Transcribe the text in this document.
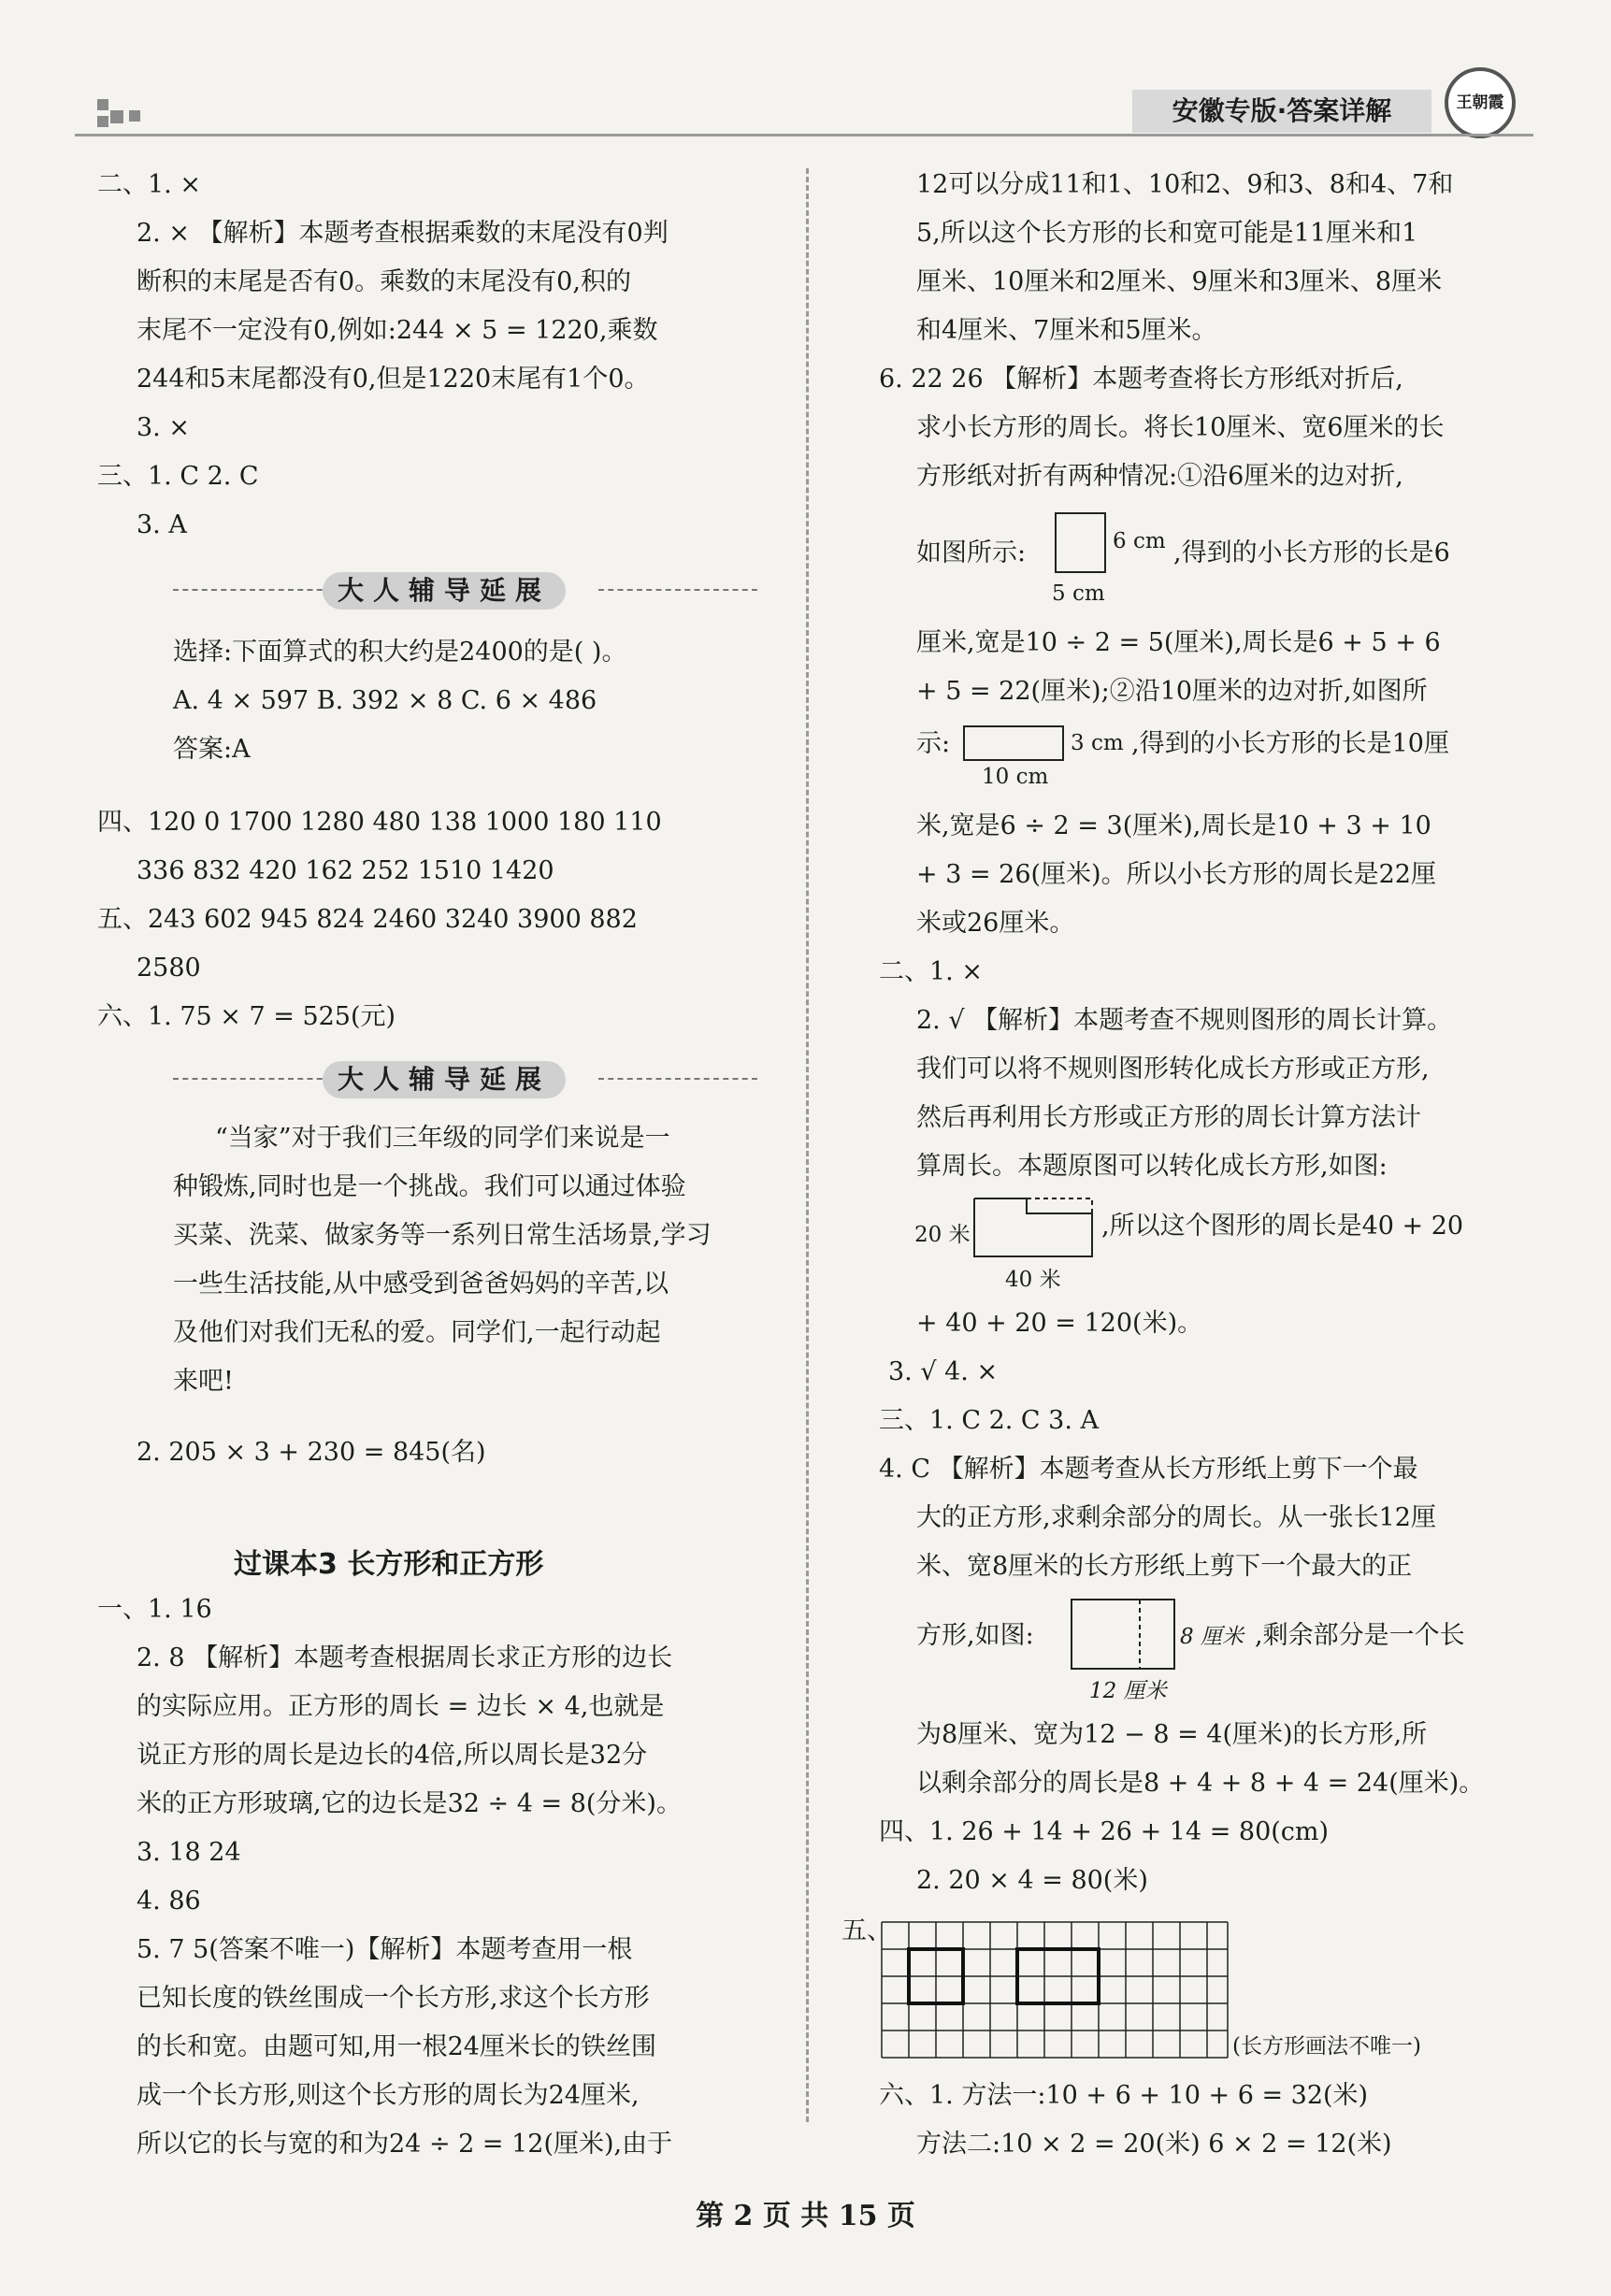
安徽专版·答案详解	王朝霞
二、1. ×
2. × 【解析】本题考查根据乘数的末尾没有0判
断积的末尾是否有0。乘数的末尾没有0,积的
末尾不一定没有0,例如:244 × 5 = 1220,乘数
244和5末尾都没有0,但是1220末尾有1个0。
3. ×
三、1. C 2. C
3. A
大人辅导延展
选择:下面算式的积大约是2400的是( )。
A. 4 × 597 B. 392 × 8 C. 6 × 486
答案:A
四、120 0 1700 1280 480 138 1000 180 110
336 832 420 162 252 1510 1420
五、243 602 945 824 2460 3240 3900 882
2580
六、1. 75 × 7 = 525(元)
大人辅导延展
“当家”对于我们三年级的同学们来说是一
种锻炼,同时也是一个挑战。我们可以通过体验
买菜、洗菜、做家务等一系列日常生活场景,学习
一些生活技能,从中感受到爸爸妈妈的辛苦,以
及他们对我们无私的爱。同学们,一起行动起
来吧!
2. 205 × 3 + 230 = 845(名)
过课本3 长方形和正方形
一、1. 16
2. 8 【解析】本题考查根据周长求正方形的边长
的实际应用。正方形的周长 = 边长 × 4,也就是
说正方形的周长是边长的4倍,所以周长是32分
米的正方形玻璃,它的边长是32 ÷ 4 = 8(分米)。
3. 18 24
4. 86
5. 7 5(答案不唯一)【解析】本题考查用一根
已知长度的铁丝围成一个长方形,求这个长方形
的长和宽。由题可知,用一根24厘米长的铁丝围
成一个长方形,则这个长方形的周长为24厘米,
所以它的长与宽的和为24 ÷ 2 = 12(厘米),由于
12可以分成11和1、10和2、9和3、8和4、7和
5,所以这个长方形的长和宽可能是11厘米和1
厘米、10厘米和2厘米、9厘米和3厘米、8厘米
和4厘米、7厘米和5厘米。
6. 22 26 【解析】本题考查将长方形纸对折后,
求小长方形的周长。将长10厘米、宽6厘米的长
方形纸对折有两种情况:①沿6厘米的边对折,
如图所示:	6 cm
5 cm
,得到的小长方形的长是6
厘米,宽是10 ÷ 2 = 5(厘米),周长是6 + 5 + 6
+ 5 = 22(厘米);②沿10厘米的边对折,如图所
示:	3 cm
10 cm
,得到的小长方形的长是10厘
米,宽是6 ÷ 2 = 3(厘米),周长是10 + 3 + 10
+ 3 = 26(厘米)。所以小长方形的周长是22厘
米或26厘米。
二、1. ×
2. √ 【解析】本题考查不规则图形的周长计算。
我们可以将不规则图形转化成长方形或正方形,
然后再利用长方形或正方形的周长计算方法计
算周长。本题原图可以转化成长方形,如图:
20 米
40 米
,所以这个图形的周长是40 + 20
+ 40 + 20 = 120(米)。
3. √ 4. ×
三、1. C 2. C 3. A
4. C 【解析】本题考查从长方形纸上剪下一个最
大的正方形,求剩余部分的周长。从一张长12厘
米、宽8厘米的长方形纸上剪下一个最大的正
方形,如图:	8 厘米
12 厘米
,剩余部分是一个长
为8厘米、宽为12 − 8 = 4(厘米)的长方形,所
以剩余部分的周长是8 + 4 + 8 + 4 = 24(厘米)。
四、1. 26 + 14 + 26 + 14 = 80(cm)
2. 20 × 4 = 80(米)
五、
(长方形画法不唯一)
六、1. 方法一:10 + 6 + 10 + 6 = 32(米)
方法二:10 × 2 = 20(米) 6 × 2 = 12(米)
第 2 页 共 15 页
